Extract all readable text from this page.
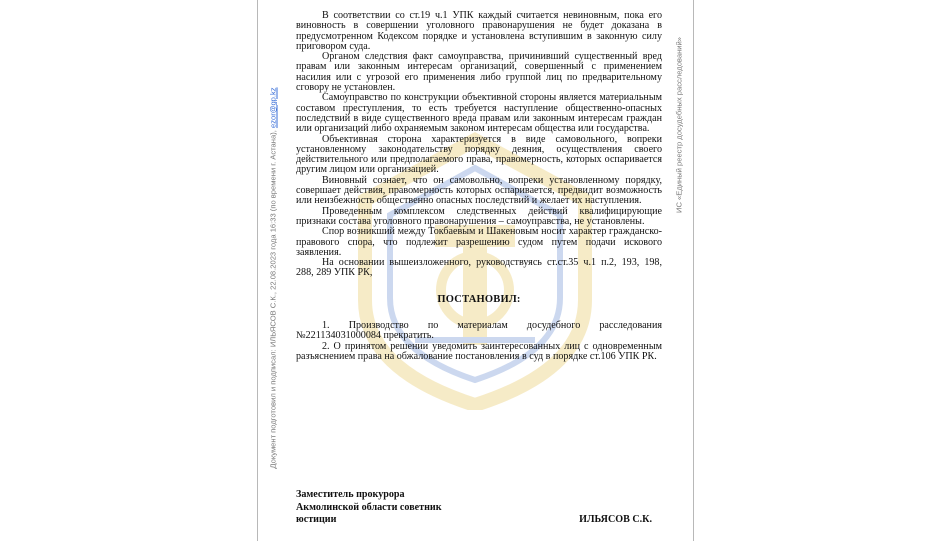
Документ подготовил и подписал: ИЛЬЯСОВ С.К., 22.08.2023 года 16:33 (по времени г. Астана), ezor@gp.kz	ИС «Единый реестр досудебных расследований»

В соответствии со ст.19 ч.1 УПК каждый считается невиновным, пока его виновность в совершении уголовного правонарушения не будет доказана в предусмотренном Кодексом порядке и установлена вступившим в законную силу приговором суда.

Органом следствия факт самоуправства, причинивший существенный вред правам или законным интересам организаций, совершенный с применением насилия или с угрозой его применения либо группой лиц по предварительному сговору не установлен.

Самоуправство по конструкции объективной стороны является материальным составом преступления, то есть требуется наступление общественно-опасных последствий в виде существенного вреда правам или законным интересам граждан или организаций либо охраняемым законом интересам общества или государства.

Объективная сторона характеризуется в виде самовольного, вопреки установленному законодательству порядку деяния, осуществления своего действительного или предполагаемого права, правомерность, которых оспаривается другим лицом или организацией.

Виновный сознает, что он самовольно, вопреки установленному порядку, совершает действия, правомерность которых оспаривается, предвидит возможность или неизбежность общественно опасных последствий и желает их наступления.

Проведенным комплексом следственных действий квалифицирующие признаки состава уголовного правонарушения – самоуправства, не установлены.

Спор возникший между Токбаевым и Шакеновым носит характер гражданско-правового спора, что подлежит разрешению судом путем подачи искового заявления.

На основании вышеизложенного, руководствуясь ст.ст.35 ч.1 п.2, 193, 198, 288, 289 УПК РК,

ПОСТАНОВИЛ:

1. Производство по материалам досудебного расследования №221134031000084 прекратить.

2. О принятом решении уведомить заинтересованных лиц с одновременным разъяснением права на обжалование постановления в суд в порядке ст.106 УПК РК.

Заместитель прокурора
Акмолинской области советник
юстиции	ИЛЬЯСОВ С.К.
